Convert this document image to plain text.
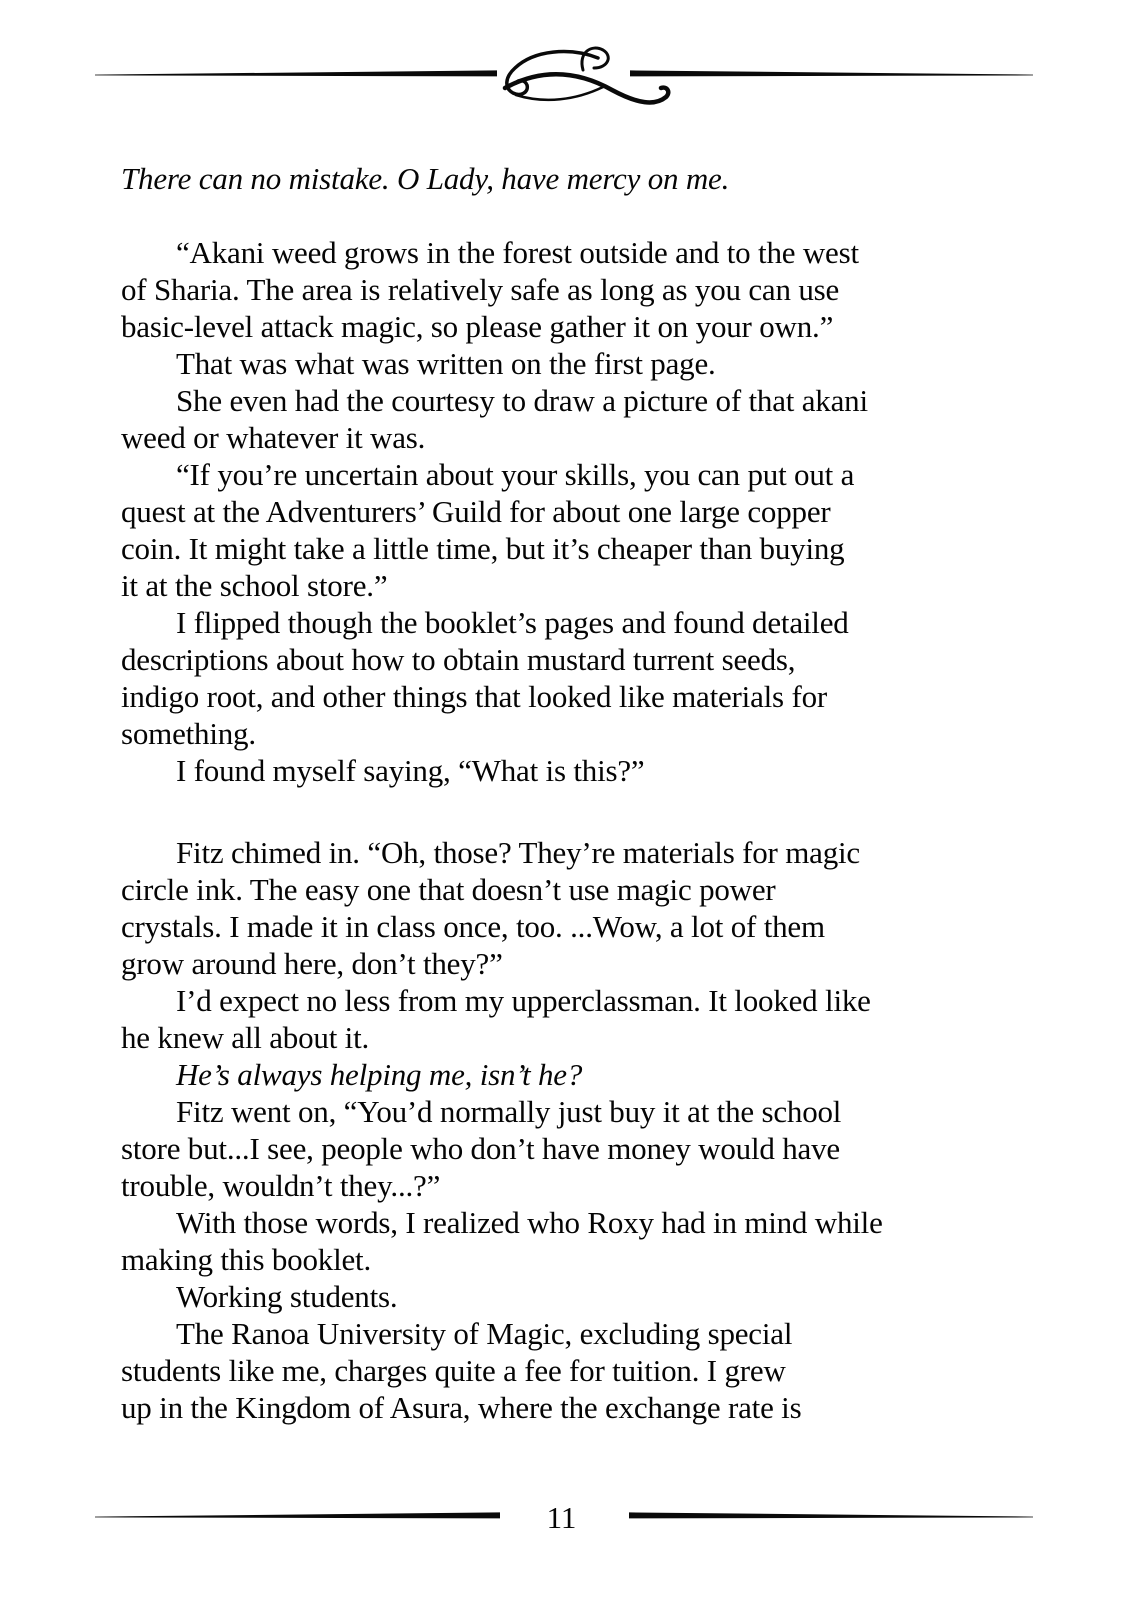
There can no mistake. O Lady, have mercy on me.
“Akani weed grows in the forest outside and to the west
of Sharia. The area is relatively safe as long as you can use
basic-level attack magic, so please gather it on your own.”
That was what was written on the first page.
She even had the courtesy to draw a picture of that akani
weed or whatever it was.
“If you’re uncertain about your skills, you can put out a
quest at the Adventurers’ Guild for about one large copper
coin. It might take a little time, but it’s cheaper than buying
it at the school store.”
I flipped though the booklet’s pages and found detailed
descriptions about how to obtain mustard turrent seeds,
indigo root, and other things that looked like materials for
something.
I found myself saying, “What is this?”
Fitz chimed in. “Oh, those? They’re materials for magic
circle ink. The easy one that doesn’t use magic power
crystals. I made it in class once, too. ...Wow, a lot of them
grow around here, don’t they?”
I’d expect no less from my upperclassman. It looked like
he knew all about it.
He’s always helping me, isn’t he?
Fitz went on, “You’d normally just buy it at the school
store but...I see, people who don’t have money would have
trouble, wouldn’t they...?”
With those words, I realized who Roxy had in mind while
making this booklet.
Working students.
The Ranoa University of Magic, excluding special
students like me, charges quite a fee for tuition. I grew
up in the Kingdom of Asura, where the exchange rate is
11
